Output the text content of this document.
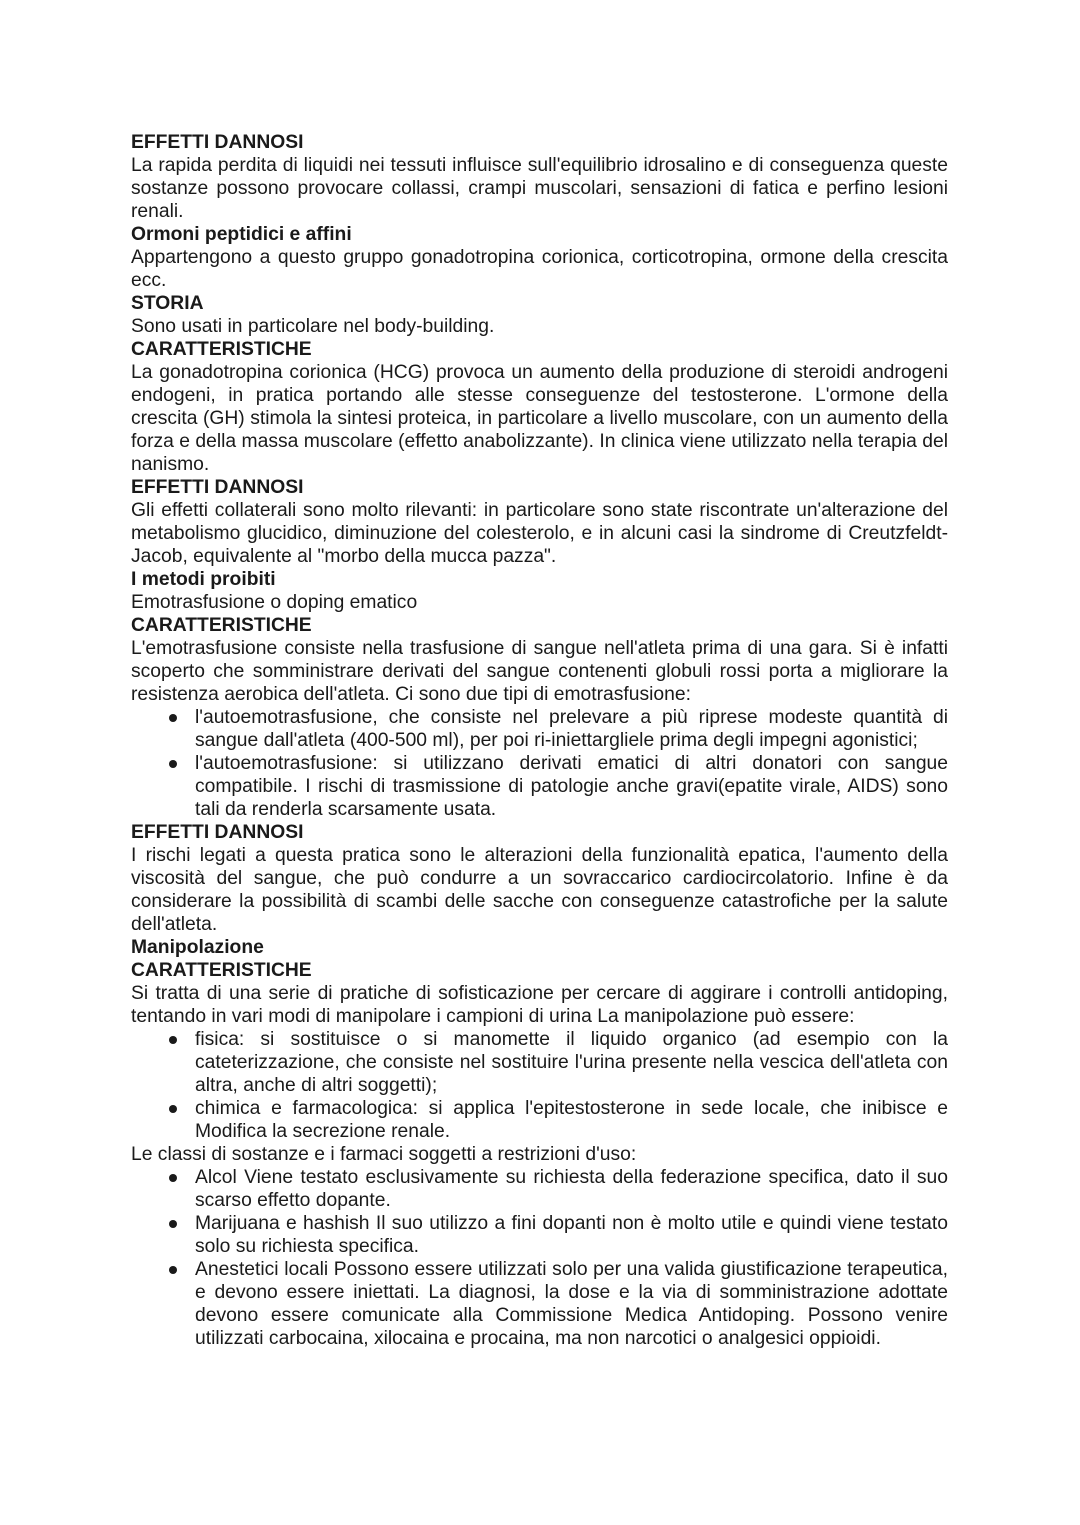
EFFETTI DANNOSI
La rapida perdita di liquidi nei tessuti influisce sull'equilibrio idrosalino e di conseguenza queste sostanze possono provocare collassi, crampi muscolari, sensazioni di fatica e perfino lesioni renali.
Ormoni peptidici e affini
Appartengono a questo gruppo gonadotropina corionica, corticotropina, ormone della crescita ecc.
STORIA
Sono usati in particolare nel body-building.
CARATTERISTICHE
La gonadotropina corionica (HCG) provoca un aumento della produzione di steroidi androgeni endogeni, in pratica portando alle stesse conseguenze del testosterone. L'ormone della crescita (GH) stimola la sintesi proteica, in particolare a livello muscolare, con un aumento della forza e della massa muscolare (effetto anabolizzante). In clinica viene utilizzato nella terapia del nanismo.
EFFETTI DANNOSI
Gli effetti collaterali sono molto rilevanti: in particolare sono state riscontrate un'alterazione del metabolismo glucidico, diminuzione del colesterolo, e in alcuni casi la sindrome di Creutzfeldt-Jacob, equivalente al "morbo della mucca pazza".
I metodi proibiti
Emotrasfusione o doping ematico
CARATTERISTICHE
L'emotrasfusione consiste nella trasfusione di sangue nell'atleta prima di una gara. Si è infatti scoperto che somministrare derivati del sangue contenenti globuli rossi porta a migliorare la resistenza aerobica dell'atleta. Ci sono due tipi di emotrasfusione:
l'autoemotrasfusione, che consiste nel prelevare a più riprese modeste quantità di sangue dall'atleta (400-500 ml), per poi ri-iniettargliele prima degli impegni agonistici;
l'autoemotrasfusione: si utilizzano derivati ematici di altri donatori con sangue compatibile. I rischi di trasmissione di patologie anche gravi(epatite virale, AIDS) sono tali da renderla scarsamente usata.
EFFETTI DANNOSI
I rischi legati a questa pratica sono le alterazioni della funzionalità epatica, l'aumento della viscosità del sangue, che può condurre a un sovraccarico cardiocircolatorio. Infine è da considerare la possibilità di scambi delle sacche con conseguenze catastrofiche per la salute dell'atleta.
Manipolazione
CARATTERISTICHE
Si tratta di una serie di pratiche di sofisticazione per cercare di aggirare i controlli antidoping, tentando in vari modi di manipolare i campioni di urina La manipolazione può essere:
fisica: si sostituisce o si manomette il liquido organico (ad esempio con la cateterizzazione, che consiste nel sostituire l'urina presente nella vescica dell'atleta con altra, anche di altri soggetti);
chimica e farmacologica: si applica l'epitestosterone in sede locale, che inibisce e Modifica la secrezione renale.
Le classi di sostanze e i farmaci soggetti a restrizioni d'uso:
Alcol Viene testato esclusivamente su richiesta della federazione specifica, dato il suo scarso effetto dopante.
Marijuana e hashish Il suo utilizzo a fini dopanti non è molto utile e quindi viene testato solo su richiesta specifica.
Anestetici locali Possono essere utilizzati solo per una valida giustificazione terapeutica, e devono essere iniettati. La diagnosi, la dose e la via di somministrazione adottate devono essere comunicate alla Commissione Medica Antidoping. Possono venire utilizzati carbocaina, xilocaina e procaina, ma non narcotici o analgesici oppioidi.
